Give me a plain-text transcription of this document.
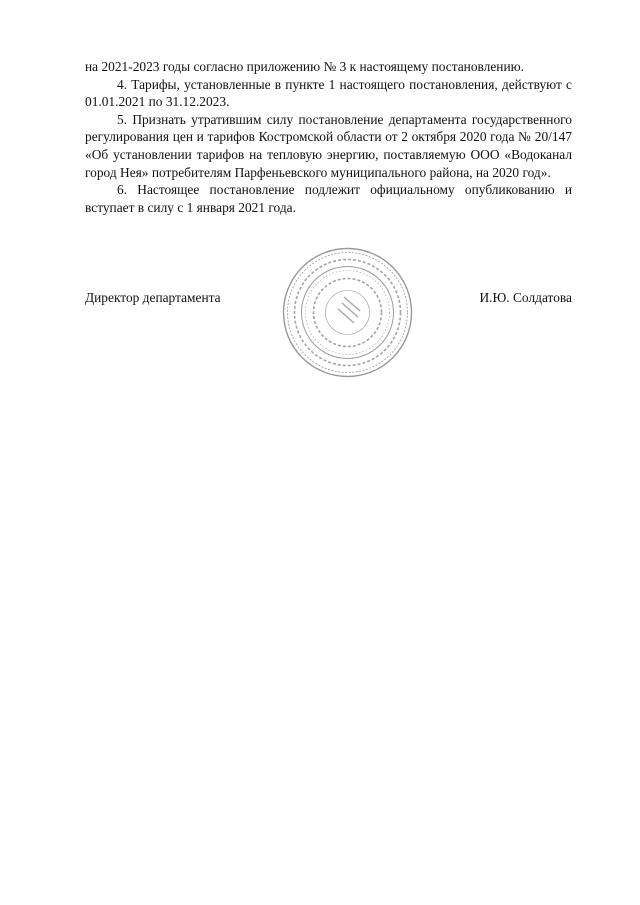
на 2021-2023 годы согласно приложению № 3 к настоящему постановлению.

4. Тарифы, установленные в пункте 1 настоящего постановления, действуют с 01.01.2021 по 31.12.2023.

5. Признать утратившим силу постановление департамента государственного регулирования цен и тарифов Костромской области от 2 октября 2020 года № 20/147 «Об установлении тарифов на тепловую энергию, поставляемую ООО «Водоканал город Нея» потребителям Парфеньевского муниципального района, на 2020 год».

6. Настоящее постановление подлежит официальному опубликованию и вступает в силу с 1 января 2021 года.

Директор департамента	И.Ю. Солдатова
